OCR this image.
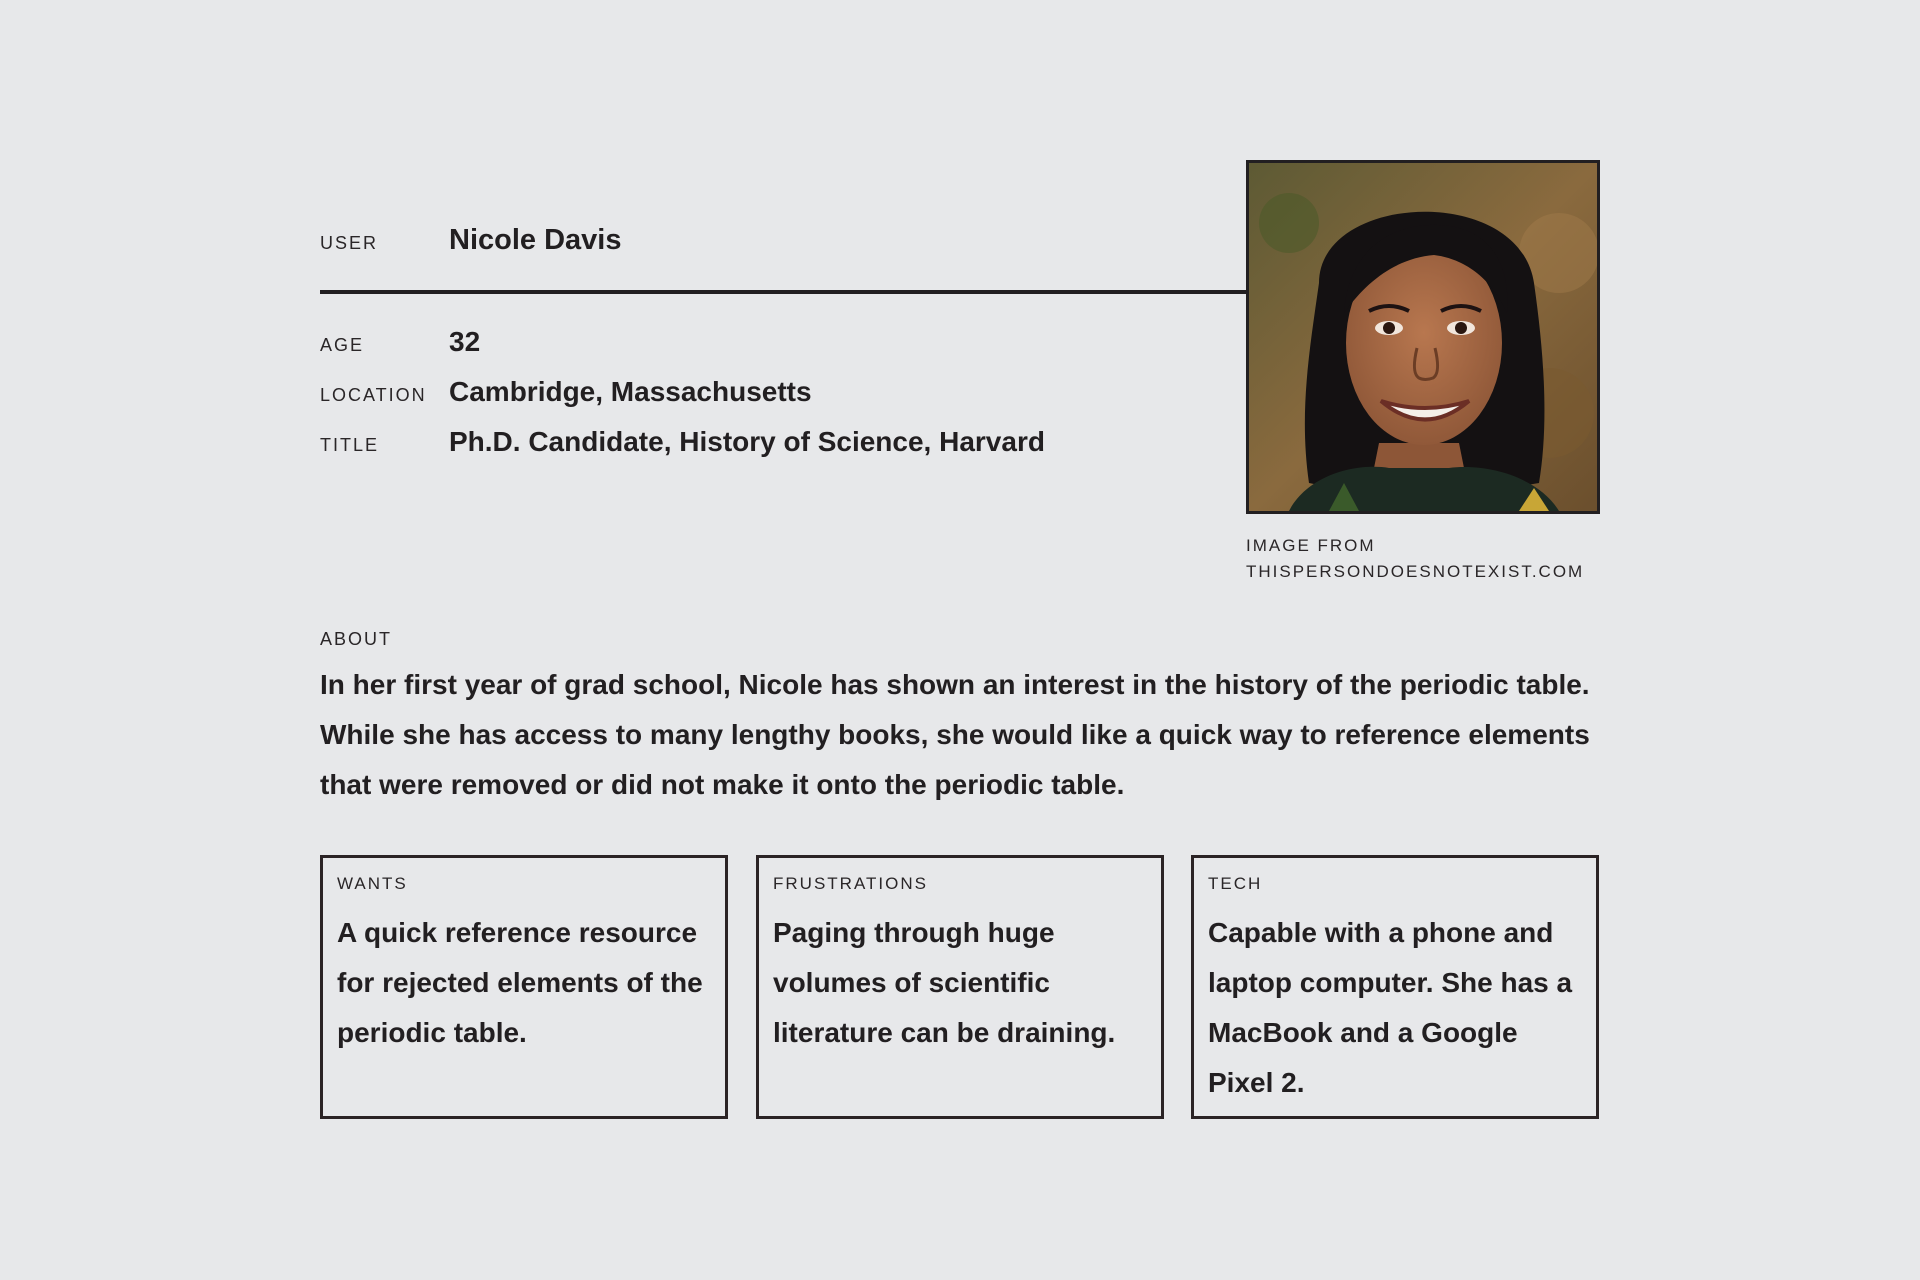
USER	Nicole Davis
AGE	32
LOCATION Cambridge, Massachusetts
TITLE	Ph.D. Candidate, History of Science, Harvard
IMAGE FROM
THISPERSONDOESNOTEXIST.COM
ABOUT
In her first year of grad school, Nicole has shown an interest in the history of the periodic table. While she has access to many lengthy books, she would like a quick way to reference elements that were removed or did not make it onto the periodic table.
WANTS
A quick reference resource for rejected elements of the periodic table.
FRUSTRATIONS
Paging through huge volumes of scientific literature can be draining.
TECH
Capable with a phone and laptop computer. She has a MacBook and a Google Pixel 2.
